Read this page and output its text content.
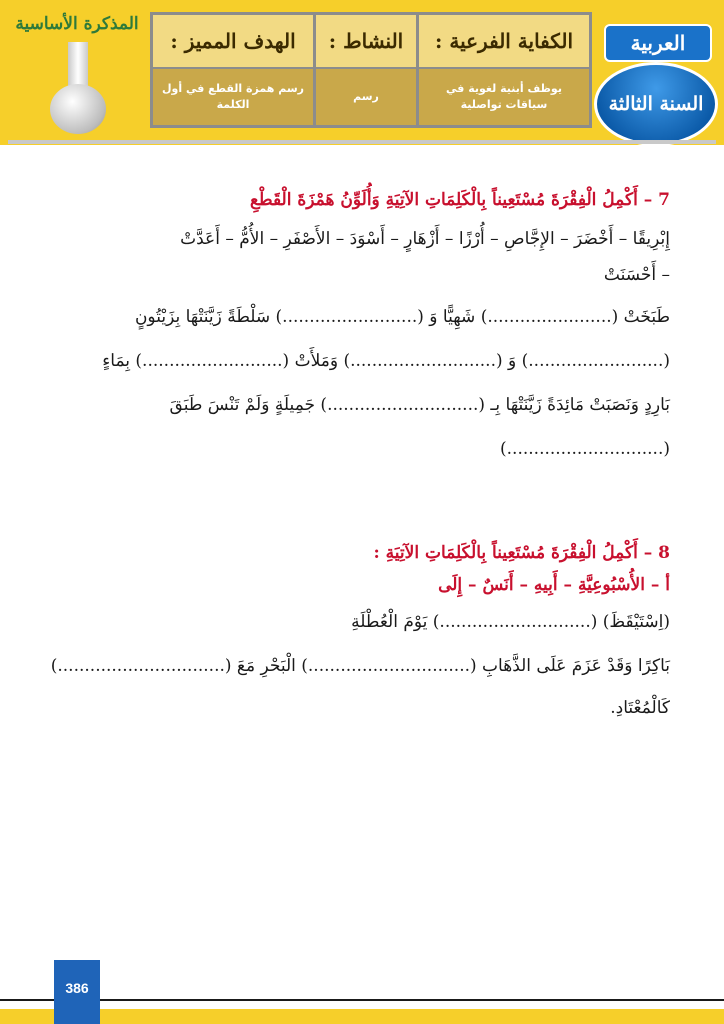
المذكرة الأساسية
الهدف المميز :
رسم همزة القطع في أول الكلمة
النشاط :
رسم
الكفاية الفرعية :
يوظف أبنية لغوية في سياقات تواصلية
العربية
السنة الثالثة
7 – أَكْمِلُ الْفِقْرَةَ مُسْتَعِيناً بِالْكَلِمَاتِ الآتِيَةِ وَأُلَوِّنُ هَمْزَةَ الْقَطْعِ
إِبْرِيقًا – أَخْضَرَ – الإِجَّاصِ – أُرْزًا – أَزْهَارٍ – أَسْوَدَ – الأَصْفَرِ – الأُمُّ – أَعَدَّتْ
– أَحْسَنَتْ
طَبَخَتْ (.......................) شَهِيًّا وَ (.........................) سَلْطَةً زَيَّنَتْهَا بِزَيْتُونٍ
(.........................) وَ (...........................) وَمَلأَتْ (..........................) بِمَاءٍ
بَارِدٍ وَنَصَبَتْ مَائِدَةً زَيَّنَتْهَا بِـ (............................) جَمِيلَةٍ وَلَمْ تَنْسَ طَبَقَ
(.............................)
8 – أَكْمِلُ الْفِقْرَةَ مُسْتَعِيناً بِالْكَلِمَاتِ الآتِيَةِ :
أ – الأُسْبُوعِيَّةِ – أَبِيهِ – أَنَسٌ – إِلَى
(اِسْتَيْقَظَ) (............................) يَوْمَ الْعُطْلَةِ
بَاكِرًا وَقَدْ عَزَمَ عَلَى الذَّهَابِ (..............................) الْبَحْرِ مَعَ (...............................)
كَالْمُعْتَادِ.
386
